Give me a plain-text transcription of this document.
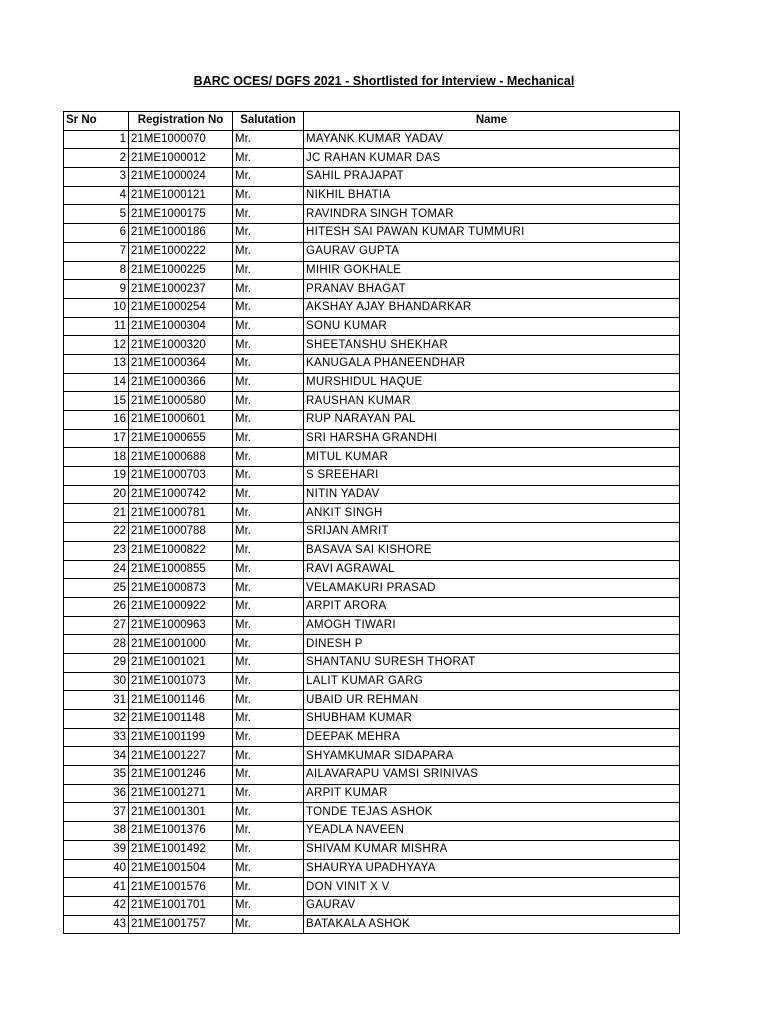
BARC OCES/ DGFS 2021 - Shortlisted for Interview - Mechanical
Sr No	Registration No	Salutation	Name
1	21ME1000070	Mr.	MAYANK KUMAR YADAV
2	21ME1000012	Mr.	JC RAHAN KUMAR DAS
3	21ME1000024	Mr.	SAHIL PRAJAPAT
4	21ME1000121	Mr.	NIKHIL BHATIA
5	21ME1000175	Mr.	RAVINDRA SINGH TOMAR
6	21ME1000186	Mr.	HITESH SAI PAWAN KUMAR TUMMURI
7	21ME1000222	Mr.	GAURAV GUPTA
8	21ME1000225	Mr.	MIHIR GOKHALE
9	21ME1000237	Mr.	PRANAV BHAGAT
10	21ME1000254	Mr.	AKSHAY AJAY BHANDARKAR
11	21ME1000304	Mr.	SONU KUMAR
12	21ME1000320	Mr.	SHEETANSHU SHEKHAR
13	21ME1000364	Mr.	KANUGALA PHANEENDHAR
14	21ME1000366	Mr.	MURSHIDUL HAQUE
15	21ME1000580	Mr.	RAUSHAN KUMAR
16	21ME1000601	Mr.	RUP NARAYAN PAL
17	21ME1000655	Mr.	SRI HARSHA GRANDHI
18	21ME1000688	Mr.	MITUL KUMAR
19	21ME1000703	Mr.	S SREEHARI
20	21ME1000742	Mr.	NITIN YADAV
21	21ME1000781	Mr.	ANKIT SINGH
22	21ME1000788	Mr.	SRIJAN AMRIT
23	21ME1000822	Mr.	BASAVA SAI KISHORE
24	21ME1000855	Mr.	RAVI AGRAWAL
25	21ME1000873	Mr.	VELAMAKURI PRASAD
26	21ME1000922	Mr.	ARPIT ARORA
27	21ME1000963	Mr.	AMOGH TIWARI
28	21ME1001000	Mr.	DINESH P
29	21ME1001021	Mr.	SHANTANU SURESH THORAT
30	21ME1001073	Mr.	LALIT KUMAR GARG
31	21ME1001146	Mr.	UBAID UR REHMAN
32	21ME1001148	Mr.	SHUBHAM KUMAR
33	21ME1001199	Mr.	DEEPAK MEHRA
34	21ME1001227	Mr.	SHYAMKUMAR SIDAPARA
35	21ME1001246	Mr.	AILAVARAPU VAMSI SRINIVAS
36	21ME1001271	Mr.	ARPIT KUMAR
37	21ME1001301	Mr.	TONDE TEJAS ASHOK
38	21ME1001376	Mr.	YEADLA NAVEEN
39	21ME1001492	Mr.	SHIVAM KUMAR MISHRA
40	21ME1001504	Mr.	SHAURYA UPADHYAYA
41	21ME1001576	Mr.	DON VINIT X V
42	21ME1001701	Mr.	GAURAV
43	21ME1001757	Mr.	BATAKALA ASHOK
